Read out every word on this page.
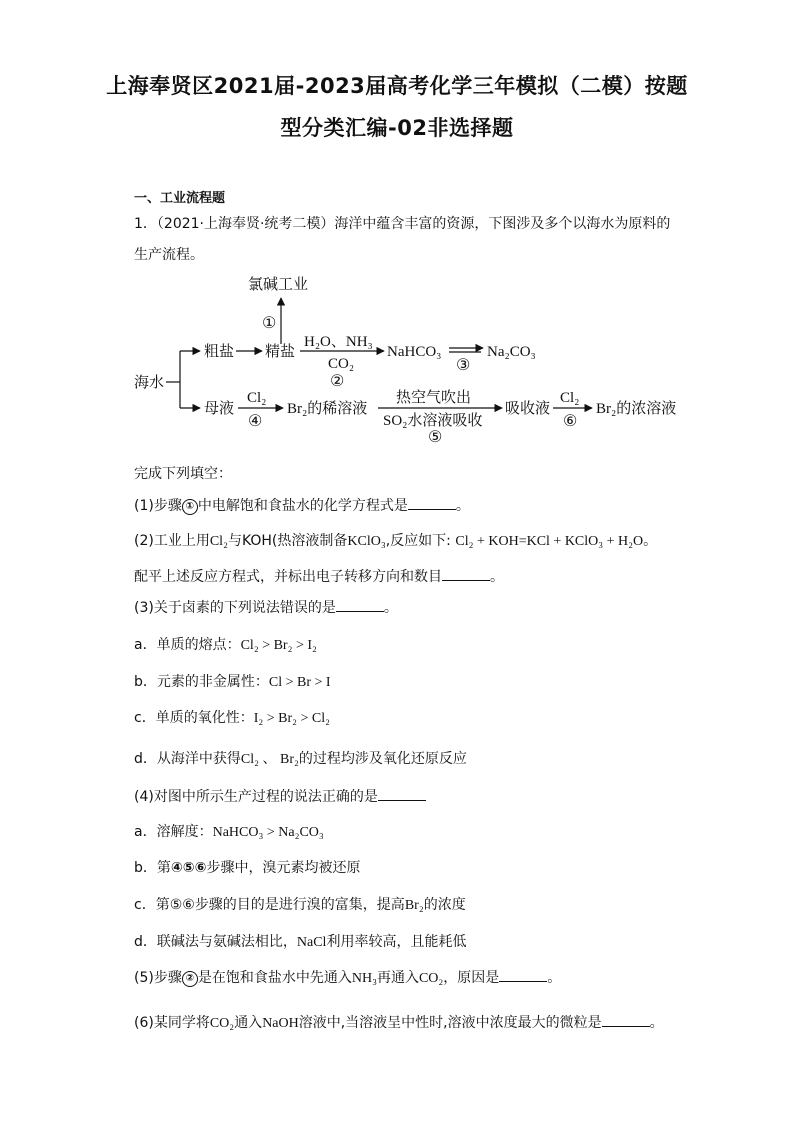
上海奉贤区2021届-2023届高考化学三年模拟（二模）按题
型分类汇编-02非选择题
一、工业流程题
1．（2021·上海奉贤·统考二模）海洋中蕴含丰富的资源，下图涉及多个以海水为原料的
生产流程。
氯碱工业
①
海水
粗盐 精盐
H₂O、NH₃
CO₂
②
NaHCO₃
③
Na₂CO₃
母液
Cl₂
④
Br₂的稀溶液
热空气吹出
SO₂水溶液吸收
⑤
吸收液
Cl₂
⑥
Br₂的浓溶液
完成下列填空：
(1)步骤 ① 中电解饱和食盐水的化学方程式是	。
(2)工业上用Cl₂与KOH(热溶液制备KClO₃,反应如下: Cl₂ + KOH=KCl + KClO₃ + H₂O。
配平上述反应方程式，并标出电子转移方向和数目	。
(3)关于卤素的下列说法错误的是	。
a．单质的熔点：Cl₂ > Br₂ > I₂
b．元素的非金属性：Cl > Br > I
c．单质的氧化性：I₂ > Br₂ > Cl₂
d．从海洋中获得Cl₂ 、 Br₂的过程均涉及氧化还原反应
(4)对图中所示生产过程的说法正确的是
a．溶解度：NaHCO₃ > Na₂CO₃
b．第④⑤⑥步骤中，溴元素均被还原
c．第⑤⑥步骤的目的是进行溴的富集，提高Br₂的浓度
d．联碱法与氨碱法相比，NaCl利用率较高，且能耗低
(5)步骤 ② 是在饱和食盐水中先通入NH₃再通入CO₂，原因是	。
(6)某同学将CO₂通入NaOH溶液中,当溶液呈中性时,溶液中浓度最大的微粒是	。
